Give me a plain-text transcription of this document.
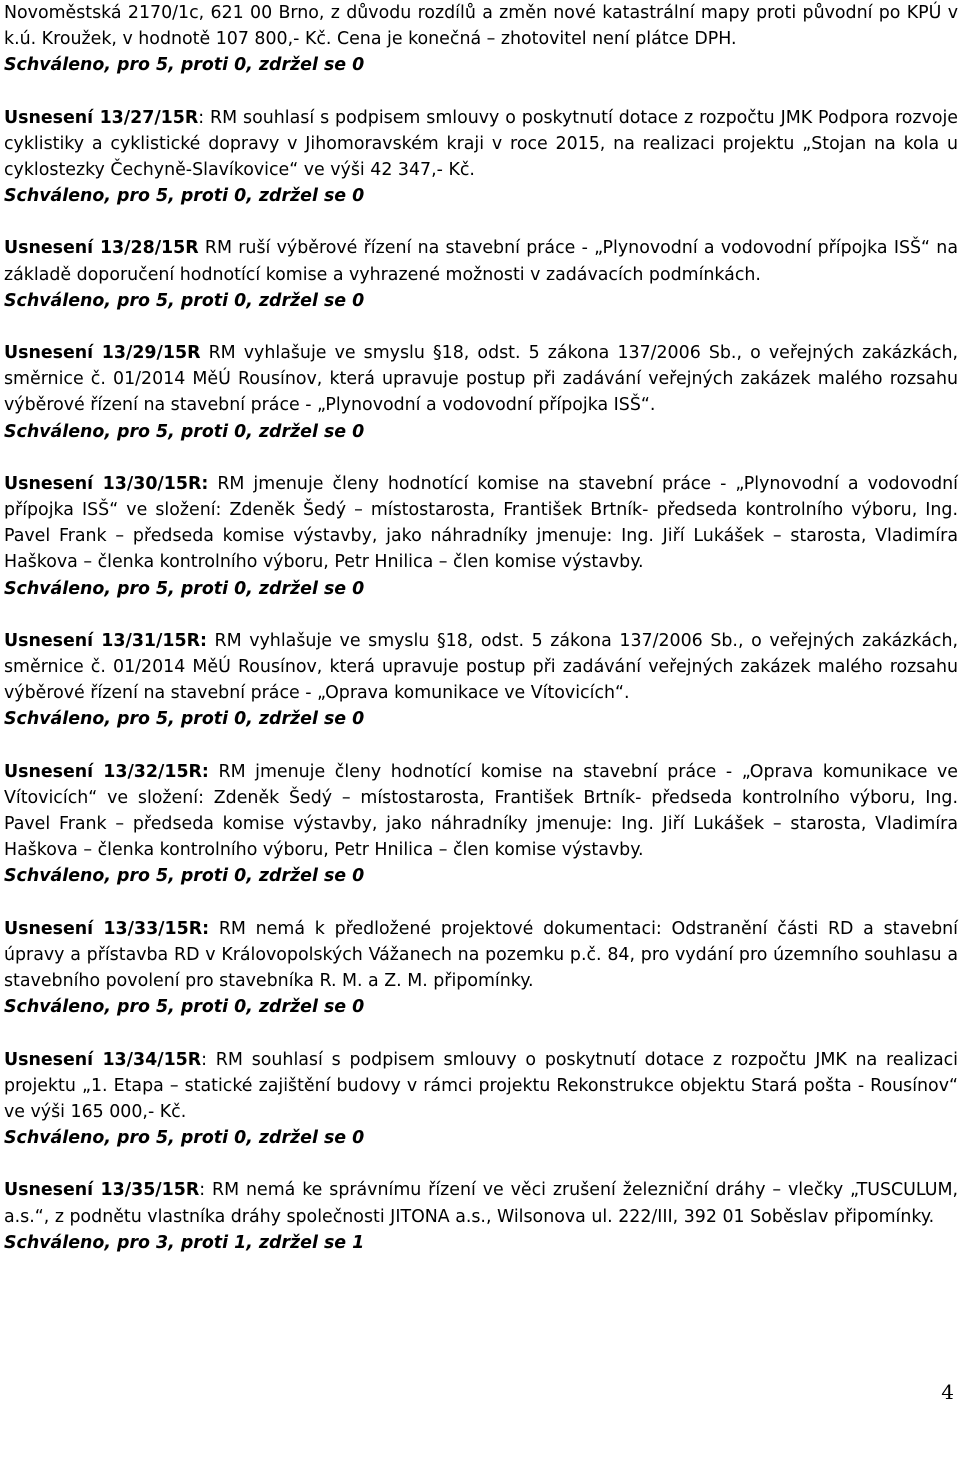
Novoměstská 2170/1c, 621 00 Brno, z důvodu rozdílů a změn nové katastrální mapy proti původní po KPÚ v k.ú. Kroužek, v hodnotě 107 800,- Kč. Cena je konečná – zhotovitel není plátce DPH.

Schváleno, pro 5, proti 0, zdržel se 0

Usnesení 13/27/15R: RM souhlasí s podpisem smlouvy o poskytnutí dotace z rozpočtu JMK Podpora rozvoje cyklistiky a cyklistické dopravy v Jihomoravském kraji v roce 2015, na realizaci projektu „Stojan na kola u cyklostezky Čechyně-Slavíkovice“ ve výši 42 347,- Kč.

Schváleno, pro 5, proti 0, zdržel se 0

Usnesení 13/28/15R RM ruší výběrové řízení na stavební práce - „Plynovodní a vodovodní přípojka ISŠ“ na základě doporučení hodnotící komise a vyhrazené možnosti v zadávacích podmínkách.

Schváleno, pro 5, proti 0, zdržel se 0

Usnesení 13/29/15R RM vyhlašuje ve smyslu §18, odst. 5 zákona 137/2006 Sb., o veřejných zakázkách, směrnice č. 01/2014 MěÚ Rousínov, která upravuje postup při zadávání veřejných zakázek malého rozsahu výběrové řízení na stavební práce - „Plynovodní a vodovodní přípojka ISŠ“.

Schváleno, pro 5, proti 0, zdržel se 0

Usnesení 13/30/15R: RM jmenuje členy hodnotící komise na stavební práce - „Plynovodní a vodovodní přípojka ISŠ“ ve složení: Zdeněk Šedý – místostarosta, František Brtník- předseda kontrolního výboru, Ing. Pavel Frank – předseda komise výstavby, jako náhradníky jmenuje: Ing. Jiří Lukášek – starosta, Vladimíra Haškova – členka kontrolního výboru, Petr Hnilica – člen komise výstavby.

Schváleno, pro 5, proti 0, zdržel se 0

Usnesení 13/31/15R: RM vyhlašuje ve smyslu §18, odst. 5 zákona 137/2006 Sb., o veřejných zakázkách, směrnice č. 01/2014 MěÚ Rousínov, která upravuje postup při zadávání veřejných zakázek malého rozsahu výběrové řízení na stavební práce - „Oprava komunikace ve Vítovicích“.

Schváleno, pro 5, proti 0, zdržel se 0

Usnesení 13/32/15R: RM jmenuje členy hodnotící komise na stavební práce - „Oprava komunikace ve Vítovicích“ ve složení: Zdeněk Šedý – místostarosta, František Brtník- předseda kontrolního výboru, Ing. Pavel Frank – předseda komise výstavby, jako náhradníky jmenuje: Ing. Jiří Lukášek – starosta, Vladimíra Haškova – členka kontrolního výboru, Petr Hnilica – člen komise výstavby.

Schváleno, pro 5, proti 0, zdržel se 0

Usnesení 13/33/15R: RM nemá k předložené projektové dokumentaci: Odstranění části RD a stavební úpravy a přístavba RD v Královopolských Vážanech na pozemku p.č. 84, pro vydání pro územního souhlasu a stavebního povolení pro stavebníka R. M. a Z. M. připomínky.

Schváleno, pro 5, proti 0, zdržel se 0

Usnesení 13/34/15R: RM souhlasí s podpisem smlouvy o poskytnutí dotace z rozpočtu JMK na realizaci projektu „1. Etapa – statické zajištění budovy v rámci projektu Rekonstrukce objektu Stará pošta - Rousínov“ ve výši 165 000,- Kč.

Schváleno, pro 5, proti 0, zdržel se 0

Usnesení 13/35/15R: RM nemá ke správnímu řízení ve věci zrušení železniční dráhy – vlečky „TUSCULUM, a.s.“, z podnětu vlastníka dráhy společnosti JITONA a.s., Wilsonova ul. 222/III, 392 01 Soběslav připomínky.

Schváleno, pro 3, proti 1, zdržel se 1

4
